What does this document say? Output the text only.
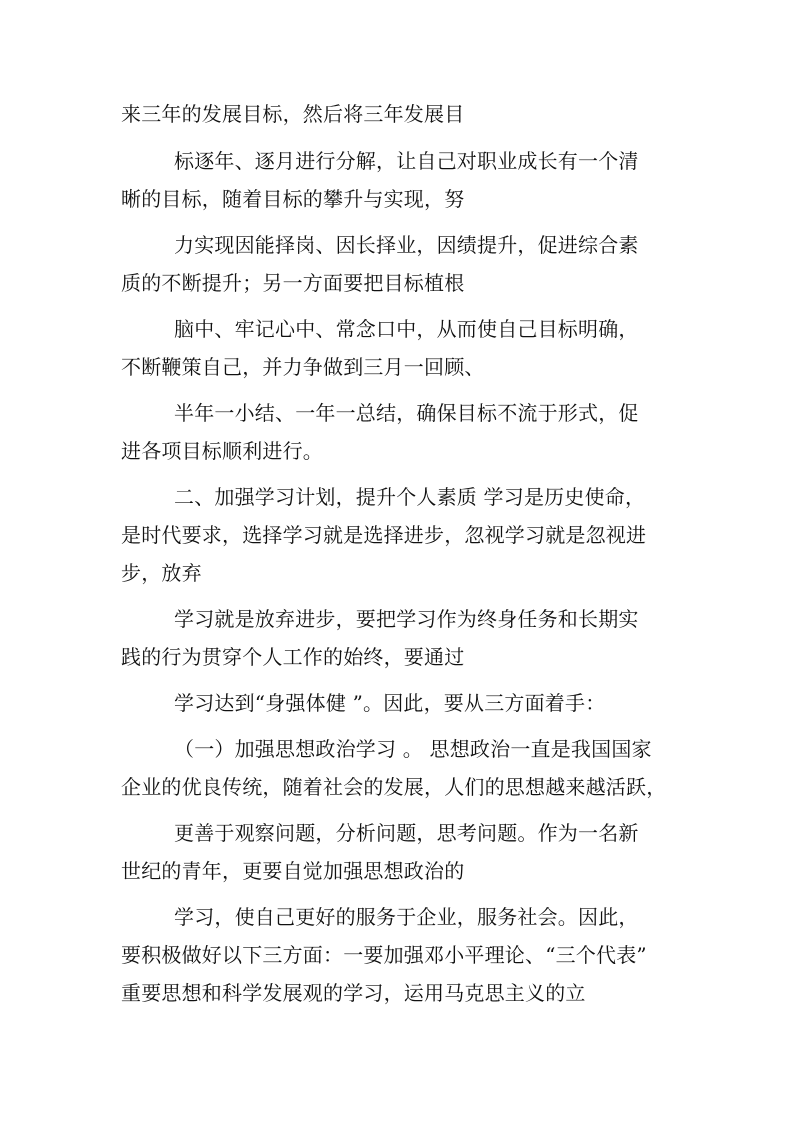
来三年的发展目标，然后将三年发展目
标逐年、逐月进行分解，让自己对职业成长有一个清
晰的目标，随着目标的攀升与实现，努
力实现因能择岗、因长择业，因绩提升，促进综合素
质的不断提升；另一方面要把目标植根
脑中、牢记心中、常念口中，从而使自己目标明确，
不断鞭策自己，并力争做到三月一回顾、
半年一小结、一年一总结，确保目标不流于形式，促
进各项目标顺利进行。
二、加强学习计划，提升个人素质 学习是历史使命，
是时代要求，选择学习就是选择进步，忽视学习就是忽视进
步，放弃
学习就是放弃进步，要把学习作为终身任务和长期实
践的行为贯穿个人工作的始终，要通过
学习达到“身强体健 ”。因此，要从三方面着手：
（一）加强思想政治学习 。 思想政治一直是我国国家
企业的优良传统，随着社会的发展，人们的思想越来越活跃，
更善于观察问题，分析问题，思考问题。作为一名新
世纪的青年，更要自觉加强思想政治的
学习，使自己更好的服务于企业，服务社会。因此，
要积极做好以下三方面：一要加强邓小平理论、“三个代表”
重要思想和科学发展观的学习，运用马克思主义的立
